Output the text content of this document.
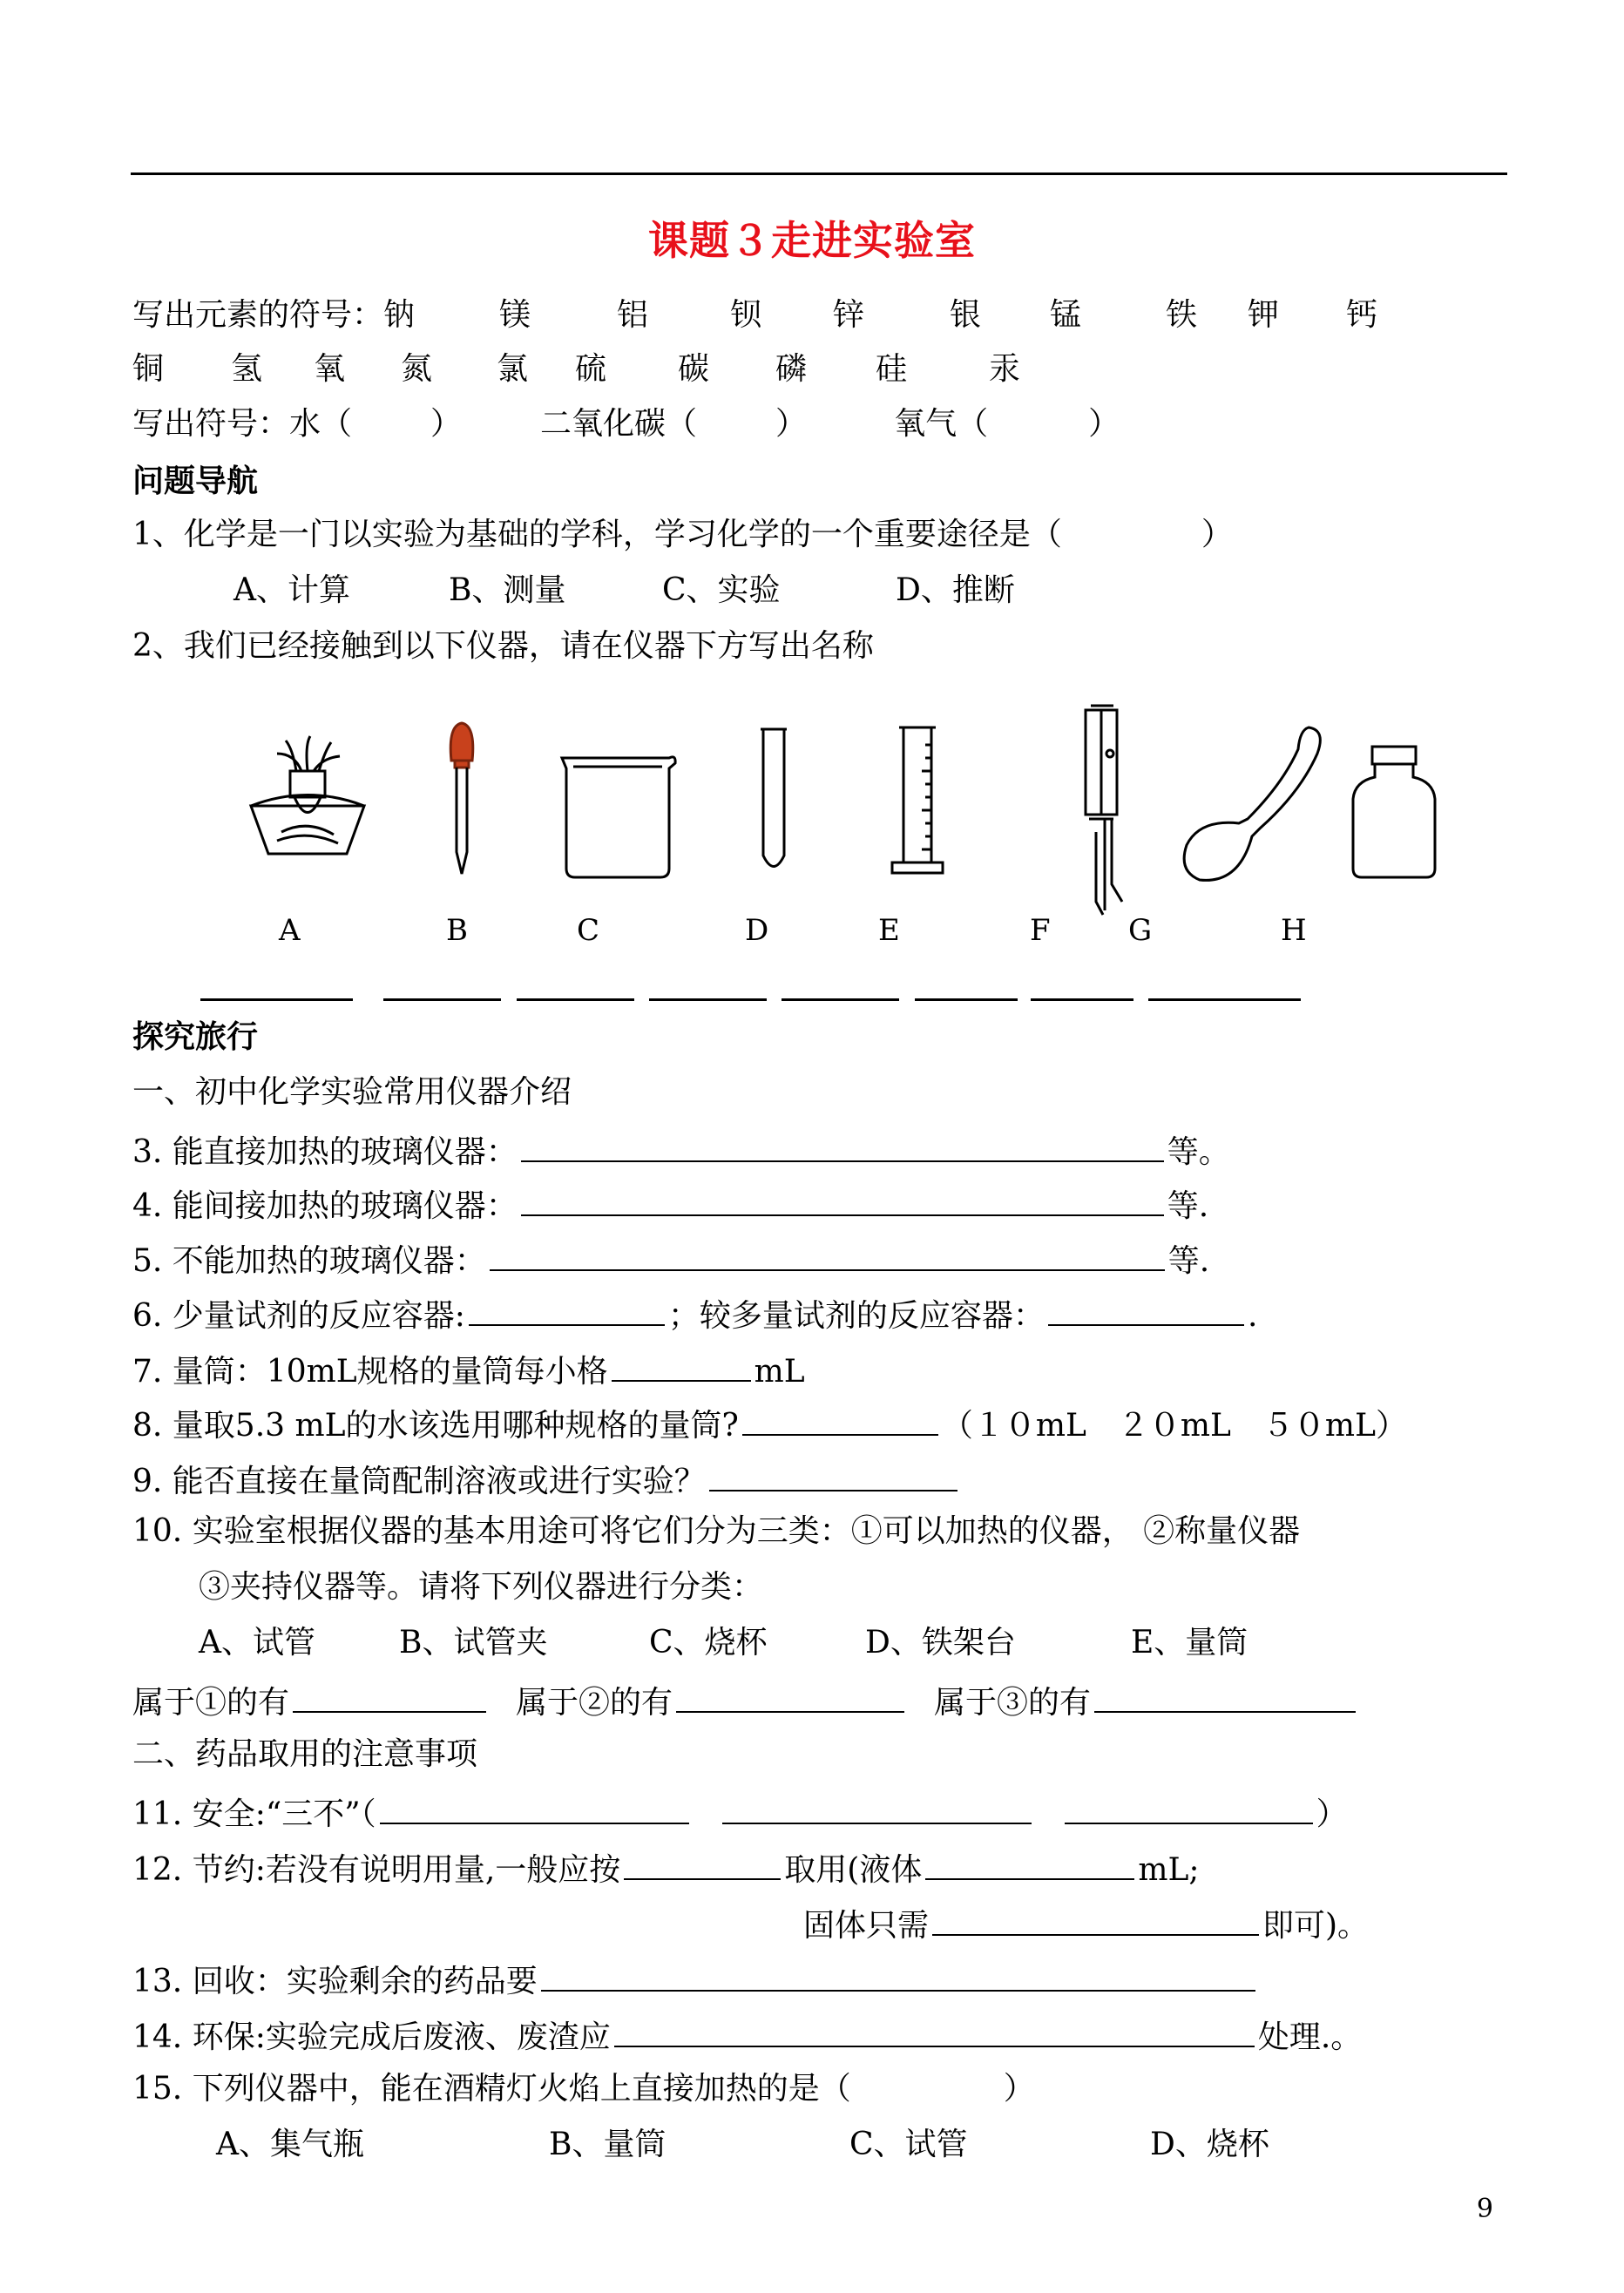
课题３走进实验室
写出元素的符号： 钠	镁	铝	钡 锌	银 锰	铁 钾 钙
铜 氢 氧 氮 氯 硫 碳 磷 硅	汞
写出符号：水（	）	二氧化碳（	）	氧气（	）
问题导航
1、化学是一门以实验为基础的学科，学习化学的一个重要途径是（	）
A、计算	B、测量	C、实验	D、推断
2、我们已经接触到以下仪器，请在仪器下方写出名称
A	B	C	D	E	F	G	H
探究旅行
一、初中化学实验常用仪器介绍
3. 能直接加热的玻璃仪器：	等。
4. 能间接加热的玻璃仪器：	等.
5. 不能加热的玻璃仪器：	等.
6. 少量试剂的反应容器:	；较多量试剂的反应容器：	.
7. 量筒：10mL规格的量筒每小格	mL
8. 量取5.3 mL的水该选用哪种规格的量筒?	（１０mL　２０mL　５０mL）
9. 能否直接在量筒配制溶液或进行实验？
10. 实验室根据仪器的基本用途可将它们分为三类：①可以加热的仪器， ②称量仪器
③夹持仪器等。请将下列仪器进行分类：
A、试管	B、试管夹	C、烧杯	D、铁架台	E、量筒
属于①的有	属于②的有	属于③的有
二、药品取用的注意事项
11. 安全:“三不”（	）
12. 节约:若没有说明用量,一般应按	取用(液体	mL;
固体只需	即可)。
13. 回收：实验剩余的药品要
14. 环保:实验完成后废液、废渣应	处理.。
15. 下列仪器中，能在酒精灯火焰上直接加热的是（	）
A、集气瓶	B、量筒	C、试管	D、烧杯
9
